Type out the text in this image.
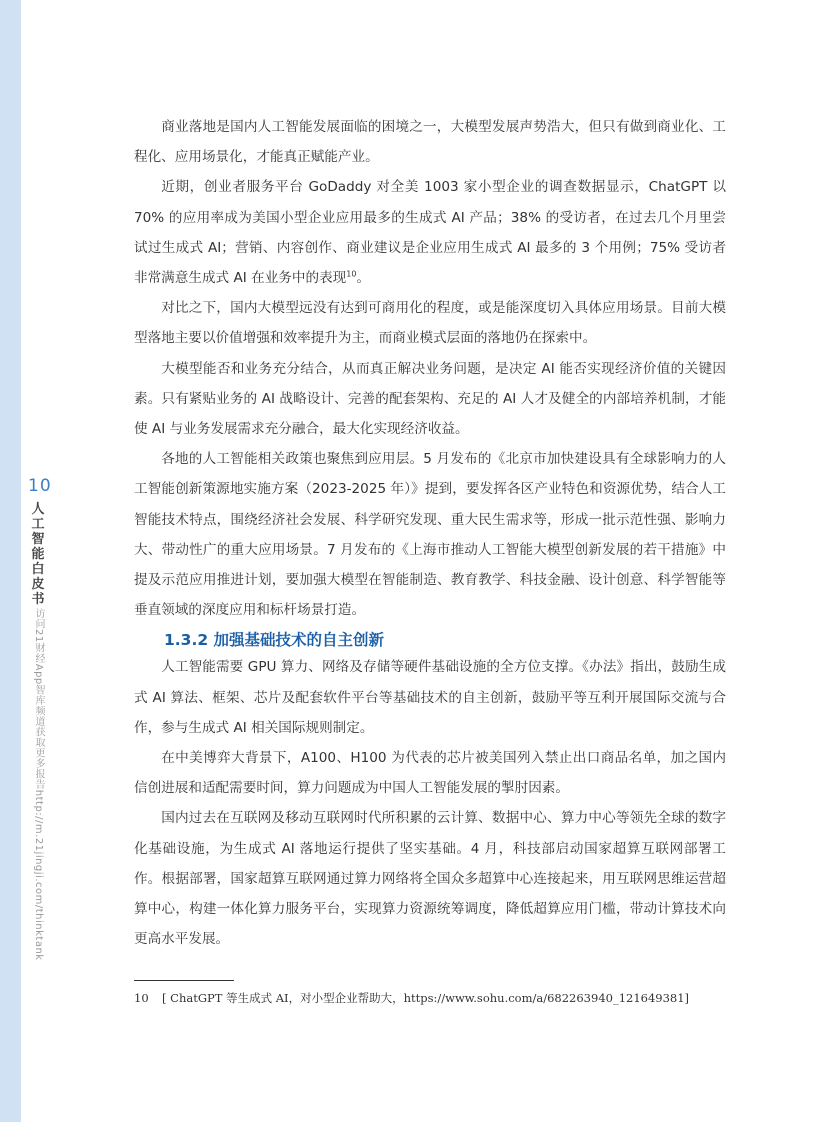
10
人工智能白皮书
访问21财经App智库频道获取更多报告http://m.21jingji.com/thinktank

商业落地是国内人工智能发展面临的困境之一，大模型发展声势浩大，但只有做到商业化、工程化、应用场景化，才能真正赋能产业。

近期，创业者服务平台 GoDaddy 对全美 1003 家小型企业的调查数据显示，ChatGPT 以 70% 的应用率成为美国小型企业应用最多的生成式 AI 产品；38% 的受访者，在过去几个月里尝试过生成式 AI；营销、内容创作、商业建议是企业应用生成式 AI 最多的 3 个用例；75% 受访者非常满意生成式 AI 在业务中的表现$^{10}$。

对比之下，国内大模型远没有达到可商用化的程度，或是能深度切入具体应用场景。目前大模型落地主要以价值增强和效率提升为主，而商业模式层面的落地仍在探索中。

大模型能否和业务充分结合，从而真正解决业务问题，是决定 AI 能否实现经济价值的关键因素。只有紧贴业务的 AI 战略设计、完善的配套架构、充足的 AI 人才及健全的内部培养机制，才能使 AI 与业务发展需求充分融合，最大化实现经济收益。

各地的人工智能相关政策也聚焦到应用层。5 月发布的《北京市加快建设具有全球影响力的人工智能创新策源地实施方案（2023-2025 年）》提到，要发挥各区产业特色和资源优势，结合人工智能技术特点，围绕经济社会发展、科学研究发现、重大民生需求等，形成一批示范性强、影响力大、带动性广的重大应用场景。7 月发布的《上海市推动人工智能大模型创新发展的若干措施》中提及示范应用推进计划，要加强大模型在智能制造、教育教学、科技金融、设计创意、科学智能等垂直领域的深度应用和标杆场景打造。

1.3.2 加强基础技术的自主创新

人工智能需要 GPU 算力、网络及存储等硬件基础设施的全方位支撑。《办法》指出，鼓励生成式 AI 算法、框架、芯片及配套软件平台等基础技术的自主创新，鼓励平等互利开展国际交流与合作，参与生成式 AI 相关国际规则制定。

在中美博弈大背景下，A100、H100 为代表的芯片被美国列入禁止出口商品名单，加之国内信创进展和适配需要时间，算力问题成为中国人工智能发展的掣肘因素。

国内过去在互联网及移动互联网时代所积累的云计算、数据中心、算力中心等领先全球的数字化基础设施，为生成式 AI 落地运行提供了坚实基础。4 月，科技部启动国家超算互联网部署工作。根据部署，国家超算互联网通过算力网络将全国众多超算中心连接起来，用互联网思维运营超算中心，构建一体化算力服务平台，实现算力资源统筹调度，降低超算应用门槛，带动计算技术向更高水平发展。

10 [ ChatGPT 等生成式 AI，对小型企业帮助大，https://www.sohu.com/a/682263940_121649381]
